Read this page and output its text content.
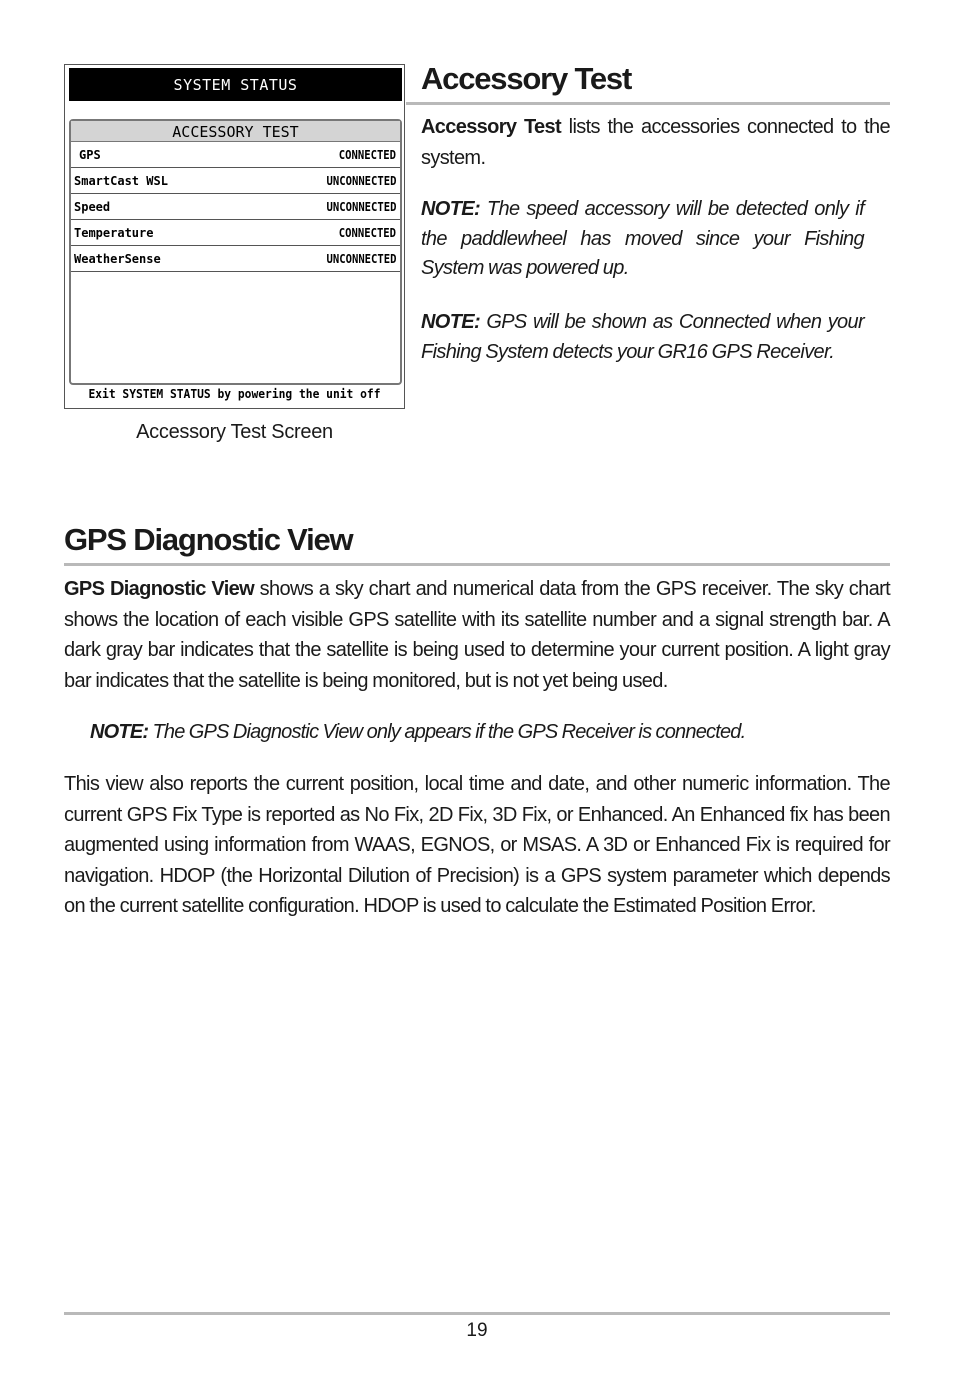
SYSTEM STATUS
ACCESSORY TEST
GPS	CONNECTED
SmartCast WSL	UNCONNECTED
Speed	UNCONNECTED
Temperature	CONNECTED
WeatherSense	UNCONNECTED
Exit SYSTEM STATUS by powering the unit off
Accessory Test Screen
Accessory Test
Accessory Test lists the accessories connected to the system.
NOTE: The speed accessory will be detected only if the paddlewheel has moved since your Fishing System was powered up.
NOTE: GPS will be shown as Connected when your Fishing System detects your GR16 GPS Receiver.
GPS Diagnostic View
GPS Diagnostic View shows a sky chart and numerical data from the GPS receiver. The sky chart shows the location of each visible GPS satellite with its satellite number and a signal strength bar. A dark gray bar indicates that the satellite is being used to determine your current position. A light gray bar indicates that the satellite is being monitored, but is not yet being used.
NOTE: The GPS Diagnostic View only appears if the GPS Receiver is connected.
This view also reports the current position, local time and date, and other numeric information. The current GPS Fix Type is reported as No Fix, 2D Fix, 3D Fix, or Enhanced. An Enhanced fix has been augmented using information from WAAS, EGNOS, or MSAS. A 3D or Enhanced Fix is required for navigation. HDOP (the Horizontal Dilution of Precision) is a GPS system parameter which depends on the current satellite configuration. HDOP is used to calculate the Estimated Position Error.
19
